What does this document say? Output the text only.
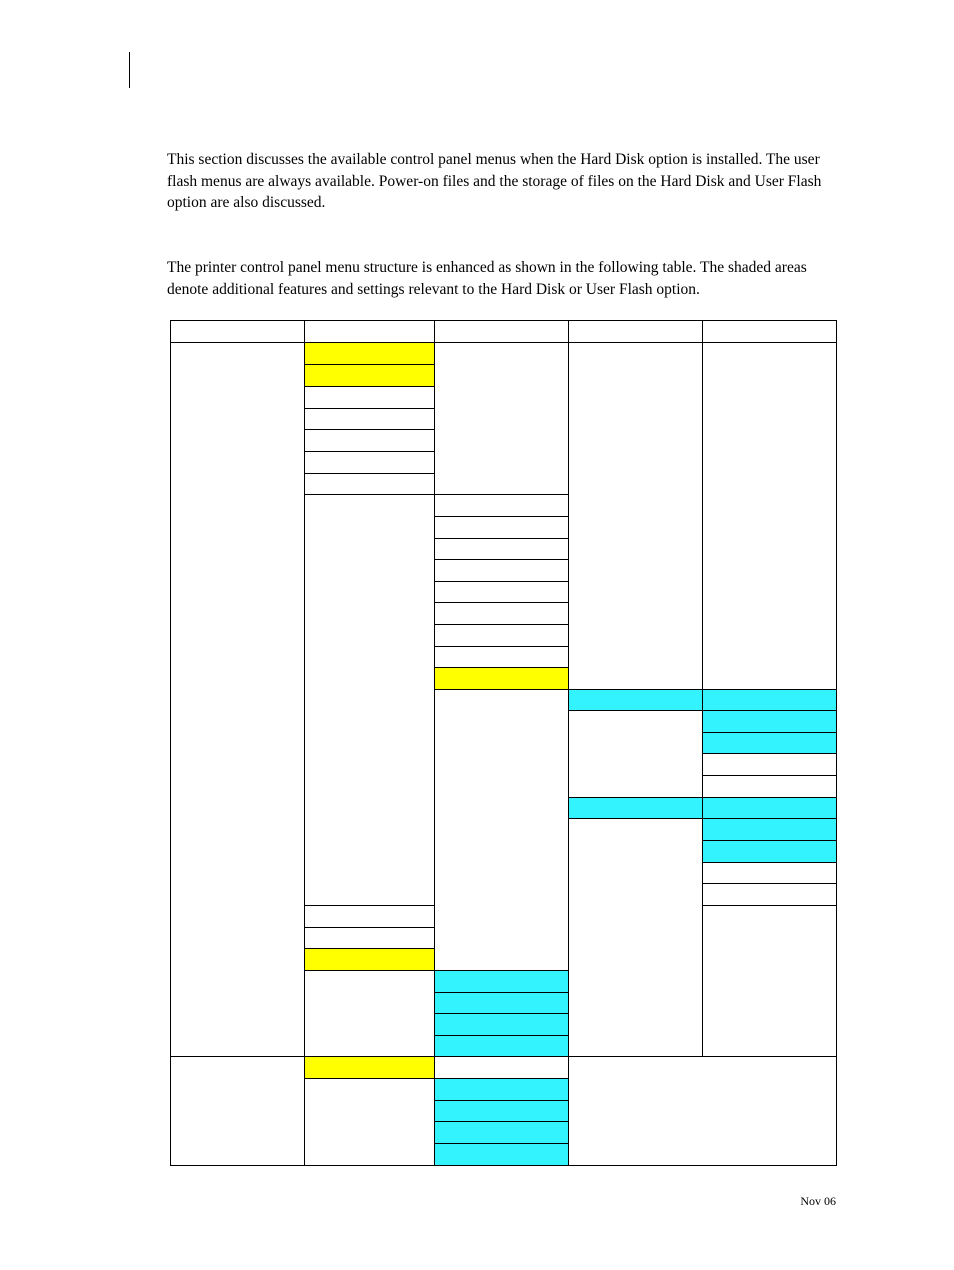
This section discusses the available control panel menus when the Hard Disk option is installed. The user flash menus are always available. Power-on files and the storage of files on the Hard Disk and User Flash option are also discussed.

The printer control panel menu structure is enhanced as shown in the following table. The shaded areas denote additional features and settings relevant to the Hard Disk or User Flash option.

Nov 06
